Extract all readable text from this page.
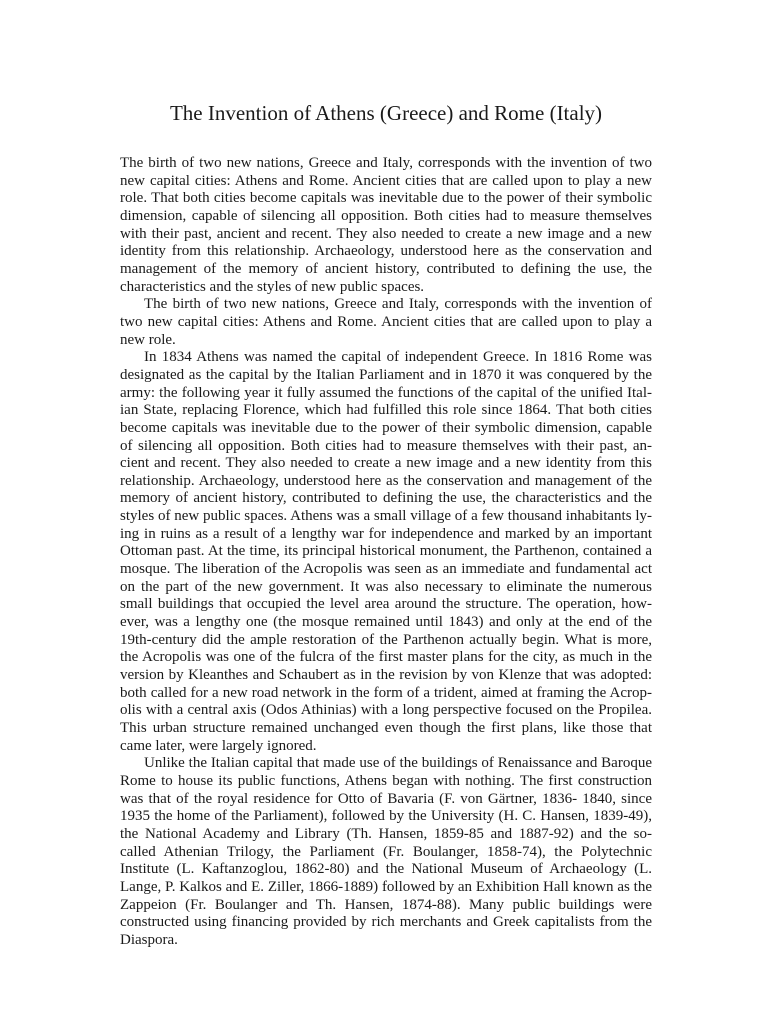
The Invention of Athens (Greece) and Rome (Italy)

The birth of two new nations, Greece and Italy, corresponds with the invention of two new capital cities: Athens and Rome. Ancient cities that are called upon to play a new role. That both cities become capitals was inevitable due to the power of their symbolic dimension, capable of silencing all opposition. Both cities had to measure themselves with their past, ancient and recent. They also needed to create a new image and a new identity from this relationship. Archaeology, understood here as the conservation and management of the memory of ancient history, contributed to defining the use, the characteristics and the styles of new public spaces.

The birth of two new nations, Greece and Italy, corresponds with the invention of two new capital cities: Athens and Rome. Ancient cities that are called upon to play a new role.

In 1834 Athens was named the capital of independent Greece. In 1816 Rome was designated as the capital by the Italian Parliament and in 1870 it was conquered by the army: the following year it fully assumed the functions of the capital of the unified Italian State, replacing Florence, which had fulfilled this role since 1864. That both cities become capitals was inevitable due to the power of their symbolic dimension, capable of silencing all opposition. Both cities had to measure themselves with their past, ancient and recent. They also needed to create a new image and a new identity from this relationship. Archaeology, understood here as the conservation and management of the memory of ancient history, contributed to defining the use, the characteristics and the styles of new public spaces. Athens was a small village of a few thousand inhabitants lying in ruins as a result of a lengthy war for independence and marked by an important Ottoman past. At the time, its principal historical monument, the Parthenon, contained a mosque. The liberation of the Acropolis was seen as an immediate and fundamental act on the part of the new government. It was also necessary to eliminate the numerous small buildings that occupied the level area around the structure. The operation, however, was a lengthy one (the mosque remained until 1843) and only at the end of the 19th-century did the ample restoration of the Parthenon actually begin. What is more, the Acropolis was one of the fulcra of the first master plans for the city, as much in the version by Kleanthes and Schaubert as in the revision by von Klenze that was adopted: both called for a new road network in the form of a trident, aimed at framing the Acropolis with a central axis (Odos Athinias) with a long perspective focused on the Propilea. This urban structure remained unchanged even though the first plans, like those that came later, were largely ignored.

Unlike the Italian capital that made use of the buildings of Renaissance and Baroque Rome to house its public functions, Athens began with nothing. The first construction was that of the royal residence for Otto of Bavaria (F. von Gärtner, 1836- 1840, since 1935 the home of the Parliament), followed by the University (H. C. Hansen, 1839-49), the National Academy and Library (Th. Hansen, 1859-85 and 1887-92) and the so-called Athenian Trilogy, the Parliament (Fr. Boulanger, 1858-74), the Polytechnic Institute (L. Kaftanzoglou, 1862-80) and the National Museum of Archaeology (L. Lange, P. Kalkos and E. Ziller, 1866-1889) followed by an Exhibition Hall known as the Zappeion (Fr. Boulanger and Th. Hansen, 1874-88). Many public buildings were constructed using financing provided by rich merchants and Greek capitalists from the Diaspora.
